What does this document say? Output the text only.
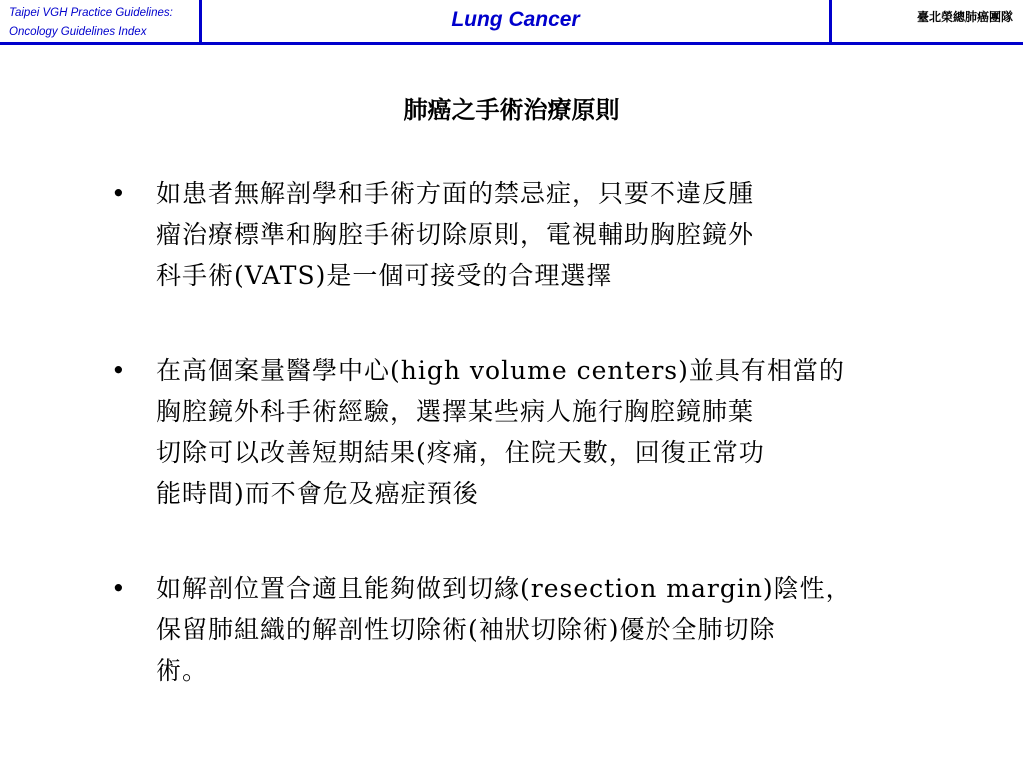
Taipei VGH Practice Guidelines:
Oncology Guidelines Index
Lung Cancer	臺北榮總肺癌團隊
肺癌之手術治療原則
• 如患者無解剖學和手術方面的禁忌症，只要不違反腫
瘤治療標準和胸腔手術切除原則，電視輔助胸腔鏡外
科手術(VATS)是一個可接受的合理選擇
• 在高個案量醫學中心(high volume centers)並具有相當的
胸腔鏡外科手術經驗，選擇某些病人施行胸腔鏡肺葉
切除可以改善短期結果(疼痛，住院天數，回復正常功
能時間)而不會危及癌症預後
• 如解剖位置合適且能夠做到切緣(resection margin)陰性，
保留肺組織的解剖性切除術(袖狀切除術)優於全肺切除
術。
